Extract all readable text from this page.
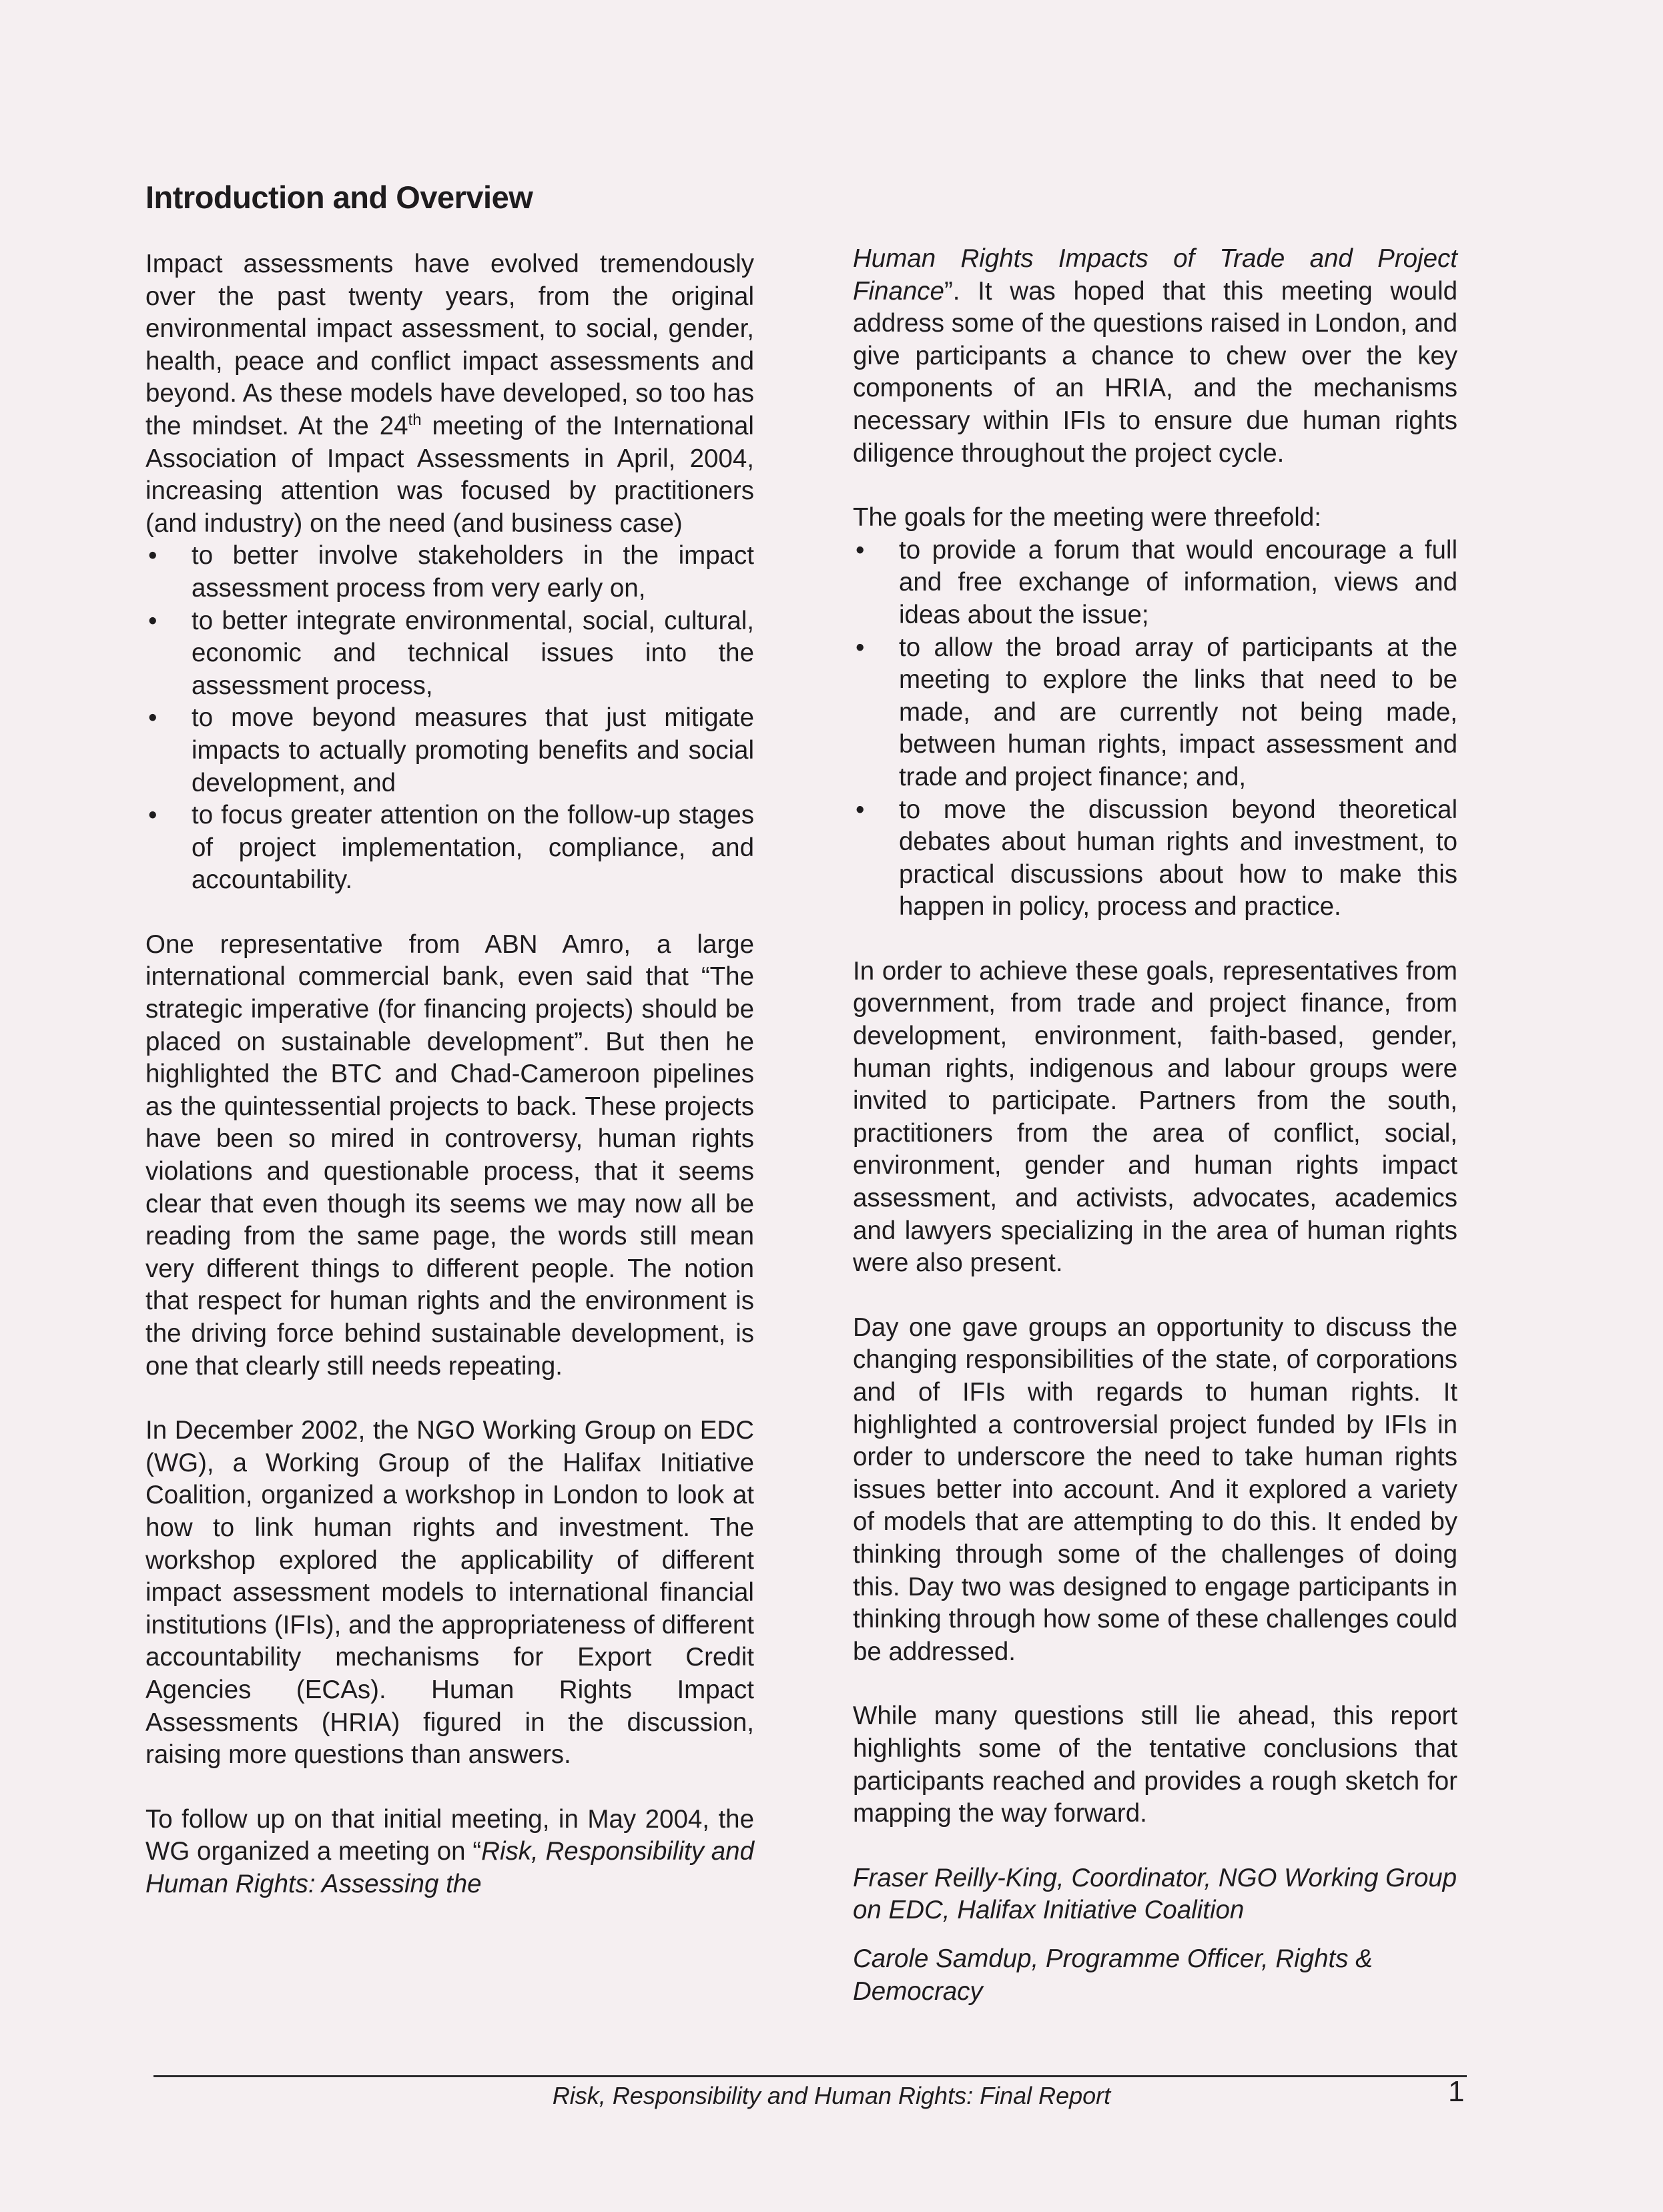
Introduction and Overview

Impact assessments have evolved tremendously over the past twenty years, from the original environmental impact assessment, to social, gender, health, peace and conflict impact assessments and beyond. As these models have developed, so too has the mindset. At the 24th meeting of the International Association of Impact Assessments in April, 2004, increasing attention was focused by practitioners (and industry) on the need (and business case)

• to better involve stakeholders in the impact assessment process from very early on,
• to better integrate environmental, social, cultural, economic and technical issues into the assessment process,
• to move beyond measures that just mitigate impacts to actually promoting benefits and social development, and
• to focus greater attention on the follow-up stages of project implementation, compliance, and accountability.

One representative from ABN Amro, a large international commercial bank, even said that “The strategic imperative (for financing projects) should be placed on sustainable development”. But then he highlighted the BTC and Chad-Cameroon pipelines as the quintessential projects to back. These projects have been so mired in controversy, human rights violations and questionable process, that it seems clear that even though its seems we may now all be reading from the same page, the words still mean very different things to different people. The notion that respect for human rights and the environment is the driving force behind sustainable development, is one that clearly still needs repeating.

In December 2002, the NGO Working Group on EDC (WG), a Working Group of the Halifax Initiative Coalition, organized a workshop in London to look at how to link human rights and investment. The workshop explored the applicability of different impact assessment models to international financial institutions (IFIs), and the appropriateness of different accountability mechanisms for Export Credit Agencies (ECAs). Human Rights Impact Assessments (HRIA) figured in the discussion, raising more questions than answers.

To follow up on that initial meeting, in May 2004, the WG organized a meeting on “Risk, Responsibility and Human Rights: Assessing the

Human Rights Impacts of Trade and Project Finance”. It was hoped that this meeting would address some of the questions raised in London, and give participants a chance to chew over the key components of an HRIA, and the mechanisms necessary within IFIs to ensure due human rights diligence throughout the project cycle.

The goals for the meeting were threefold:

• to provide a forum that would encourage a full and free exchange of information, views and ideas about the issue;
• to allow the broad array of participants at the meeting to explore the links that need to be made, and are currently not being made, between human rights, impact assessment and trade and project finance; and,
• to move the discussion beyond theoretical debates about human rights and investment, to practical discussions about how to make this happen in policy, process and practice.

In order to achieve these goals, representatives from government, from trade and project finance, from development, environment, faith-based, gender, human rights, indigenous and labour groups were invited to participate. Partners from the south, practitioners from the area of conflict, social, environment, gender and human rights impact assessment, and activists, advocates, academics and lawyers specializing in the area of human rights were also present.

Day one gave groups an opportunity to discuss the changing responsibilities of the state, of corporations and of IFIs with regards to human rights. It highlighted a controversial project funded by IFIs in order to underscore the need to take human rights issues better into account. And it explored a variety of models that are attempting to do this. It ended by thinking through some of the challenges of doing this. Day two was designed to engage participants in thinking through how some of these challenges could be addressed.

While many questions still lie ahead, this report highlights some of the tentative conclusions that participants reached and provides a rough sketch for mapping the way forward.

Fraser Reilly-King, Coordinator, NGO Working Group on EDC, Halifax Initiative Coalition

Carole Samdup, Programme Officer, Rights & Democracy

Risk, Responsibility and Human Rights: Final Report	1
